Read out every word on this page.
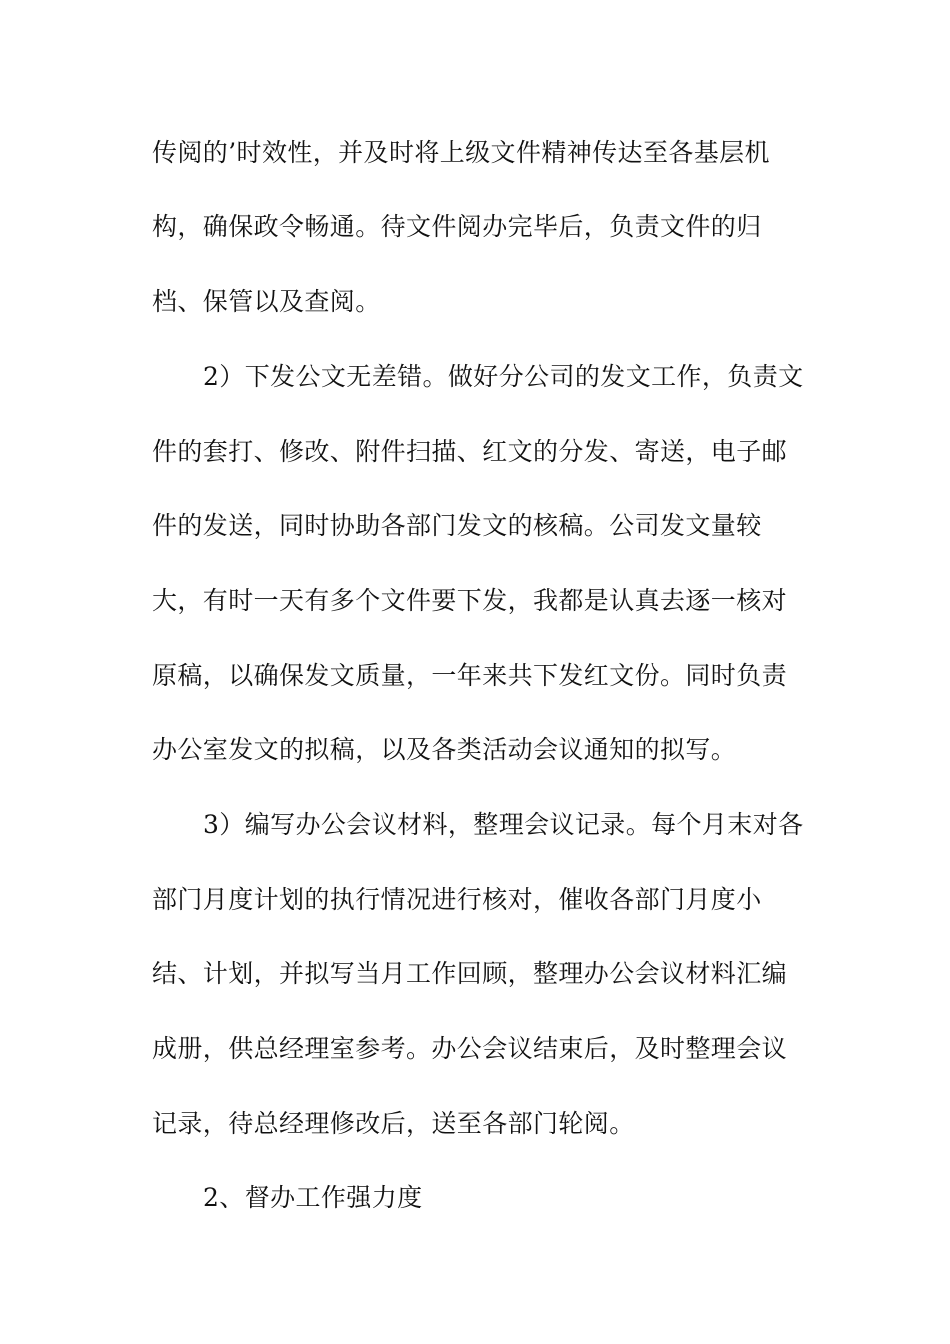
传阅的’时效性，并及时将上级文件精神传达至各基层机
构，确保政令畅通。待文件阅办完毕后，负责文件的归
档、保管以及查阅。
2）下发公文无差错。做好分公司的发文工作，负责文
件的套打、修改、附件扫描、红文的分发、寄送，电子邮
件的发送，同时协助各部门发文的核稿。公司发文量较
大，有时一天有多个文件要下发，我都是认真去逐一核对
原稿，以确保发文质量，一年来共下发红文份。同时负责
办公室发文的拟稿，以及各类活动会议通知的拟写。
3）编写办公会议材料，整理会议记录。每个月末对各
部门月度计划的执行情况进行核对，催收各部门月度小
结、计划，并拟写当月工作回顾，整理办公会议材料汇编
成册，供总经理室参考。办公会议结束后，及时整理会议
记录，待总经理修改后，送至各部门轮阅。
2、督办工作强力度
